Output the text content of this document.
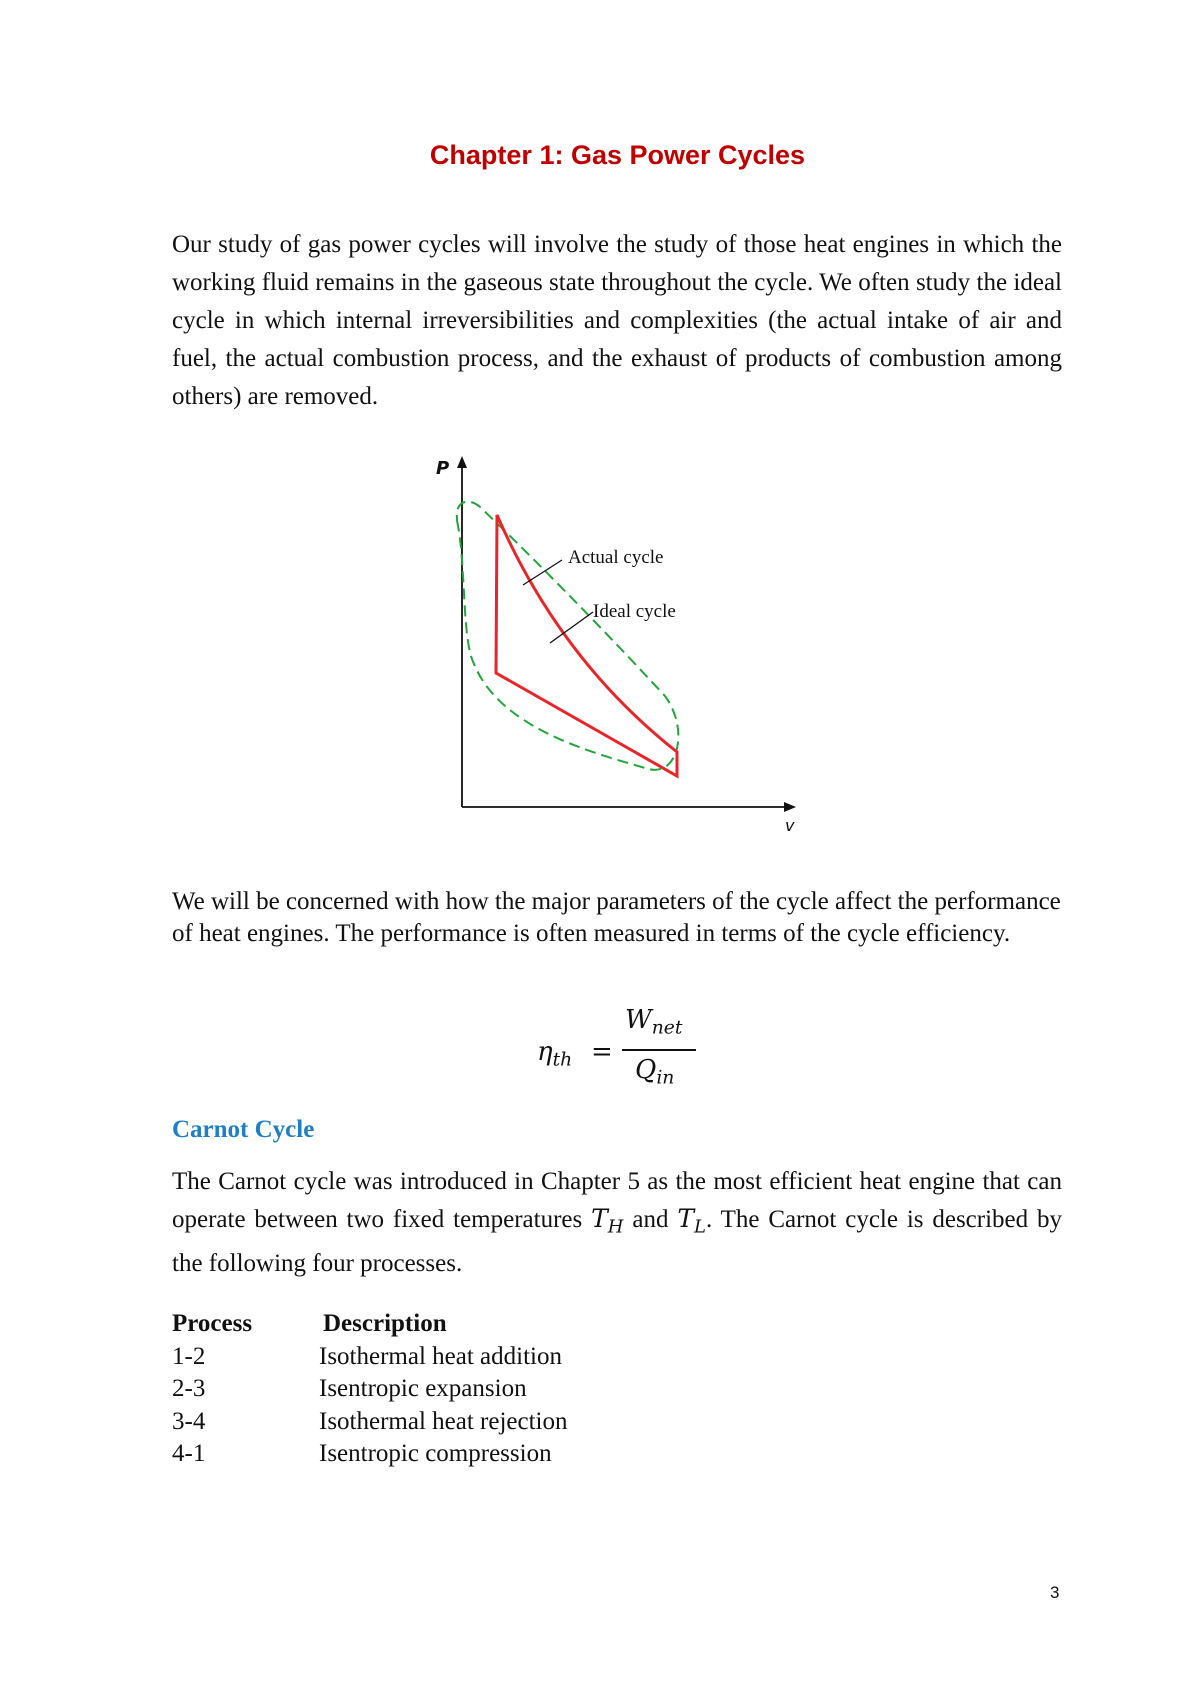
Chapter 1: Gas Power Cycles

Our study of gas power cycles will involve the study of those heat engines in which the working fluid remains in the gaseous state throughout the cycle. We often study the ideal cycle in which internal irreversibilities and complexities (the actual intake of air and fuel, the actual combustion process, and the exhaust of products of combustion among others) are removed.

P
v
Actual cycle
Ideal cycle

We will be concerned with how the major parameters of the cycle affect the performance of heat engines. The performance is often measured in terms of the cycle efficiency.

$\eta_{th}$ =
$W_{net}$
$Q_{in}$
Carnot Cycle

The Carnot cycle was introduced in Chapter 5 as the most efficient heat engine that can operate between two fixed temperatures $T_H$ and $T_L$. The Carnot cycle is described by the following four processes.

Process	Description
1-2	Isothermal heat addition
2-3	Isentropic expansion
3-4	Isothermal heat rejection
4-1	Isentropic compression
3
